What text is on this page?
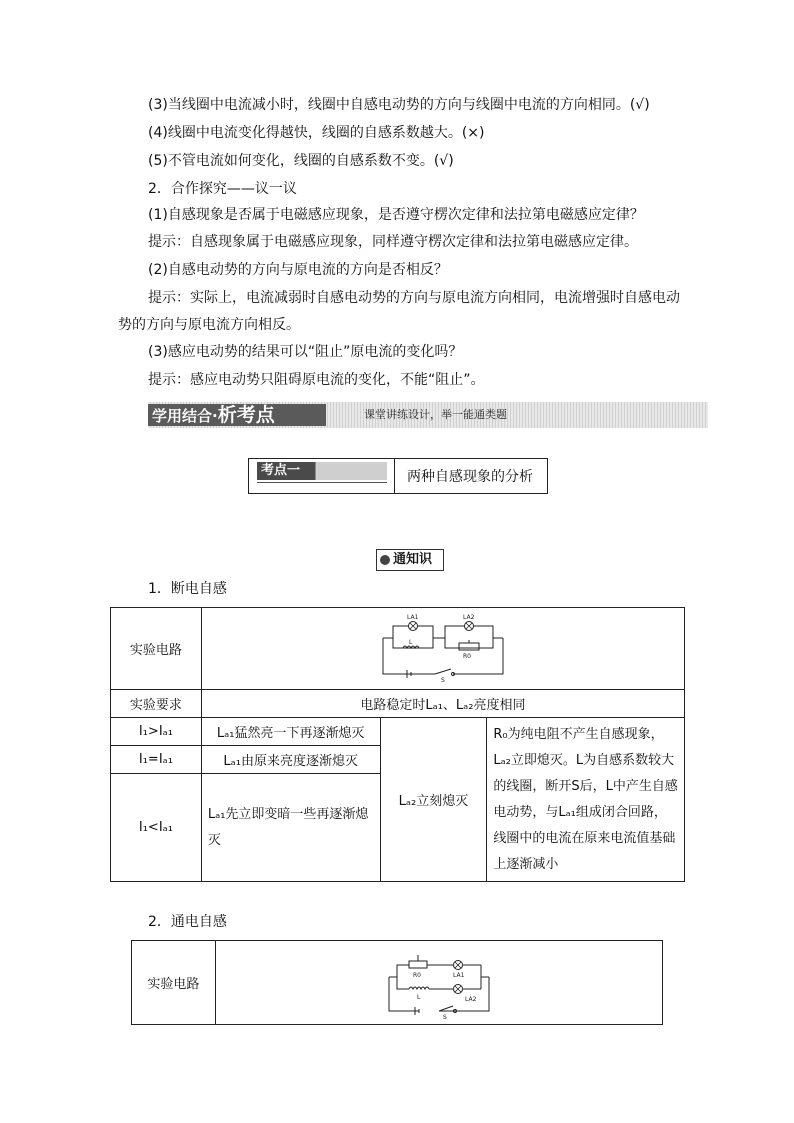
(3)当线圈中电流减小时，线圈中自感电动势的方向与线圈中电流的方向相同。(√)
(4)线圈中电流变化得越快，线圈的自感系数越大。(×)
(5)不管电流如何变化，线圈的自感系数不变。(√)
2．合作探究——议一议
(1)自感现象是否属于电磁感应现象，是否遵守楞次定律和法拉第电磁感应定律？
提示：自感现象属于电磁感应现象，同样遵守楞次定律和法拉第电磁感应定律。
(2)自感电动势的方向与原电流的方向是否相反？
提示：实际上，电流减弱时自感电动势的方向与原电流方向相同，电流增强时自感电动
势的方向与原电流方向相反。
(3)感应电动势的结果可以“阻止”原电流的变化吗？
提示：感应电动势只阻碍原电流的变化，不能“阻止”。
学用结合·析考点	课堂讲练设计，举一能通类题
考点一	两种自感现象的分析
通知识
1．断电自感
实验电路	LA1 LA2
L
R0
S		

实验要求	电路稳定时Lₐ₁、Lₐ₂亮度相同		
I₁>Iₐ₁	Lₐ₁猛然亮一下再逐渐熄灭	Lₐ₂立刻熄灭	R₀为纯电阻不产生自感现象，Lₐ₂立即熄灭。L为自感系数较大的线圈，断开S后，L中产生自感电动势，与Lₐ₁组成闭合回路，线圈中的电流在原来电流值基础上逐渐减小
I₁=Iₐ₁	Lₐ₁由原来亮度逐渐熄灭		
I₁<Iₐ₁	Lₐ₁先立即变暗一些再逐渐熄灭		
2．通电自感
实验电路	
R0	LA1
L	LA2
S
